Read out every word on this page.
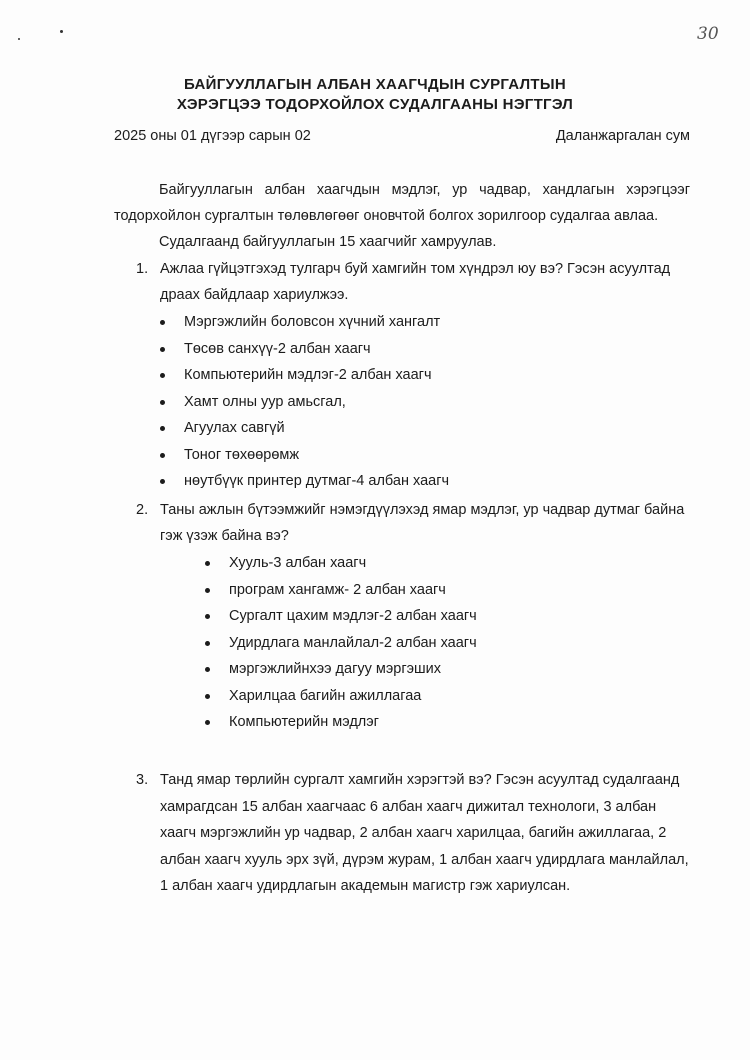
30
БАЙГУУЛЛАГЫН АЛБАН ХААГЧДЫН СУРГАЛТЫН
ХЭРЭГЦЭЭ ТОДОРХОЙЛОХ СУДАЛГААНЫ НЭГТГЭЛ
2025 оны 01 дүгээр сарын 02	Даланжаргалан сум
Байгууллагын албан хаагчдын мэдлэг, ур чадвар, хандлагын хэрэгцээг
тодорхойлон сургалтын төлөвлөгөөг оновчтой болгох зорилгоор судалгаа авлаа.
Судалгаанд байгууллагын 15 хаагчийг хамруулав.
1. Ажлаа гүйцэтгэхэд тулгарч буй хамгийн том хүндрэл юу вэ? Гэсэн асуултад
драах байдлаар хариулжээ.
Мэргэжлийн боловсон хүчний хангалт
Төсөв санхүү-2 албан хаагч
Компьютерийн мэдлэг-2 албан хаагч
Хамт олны уур амьсгал,
Агуулах савгүй
Тоног төхөөрөмж
нөутбүүк принтер дутмаг-4 албан хаагч
2. Таны ажлын бүтээмжийг нэмэгдүүлэхэд ямар мэдлэг, ур чадвар дутмаг байна
гэж үзэж байна вэ?
Хууль-3 албан хаагч
програм хангамж- 2 албан хаагч
Сургалт цахим мэдлэг-2 албан хаагч
Удирдлага манлайлал-2 албан хаагч
мэргэжлийнхээ дагуу мэргэших
Харилцаа багийн ажиллагаа
Компьютерийн мэдлэг
3. Танд ямар төрлийн сургалт хамгийн хэрэгтэй вэ? Гэсэн асуултад судалгаанд
хамрагдсан 15 албан хаагчаас 6 албан хаагч дижитал технологи, 3 албан
хаагч мэргэжлийн ур чадвар, 2 албан хаагч харилцаа, багийн ажиллагаа, 2
албан хаагч хууль эрх зүй, дүрэм журам, 1 албан хаагч удирдлага манлайлал,
1 албан хаагч удирдлагын академын магистр гэж хариулсан.
